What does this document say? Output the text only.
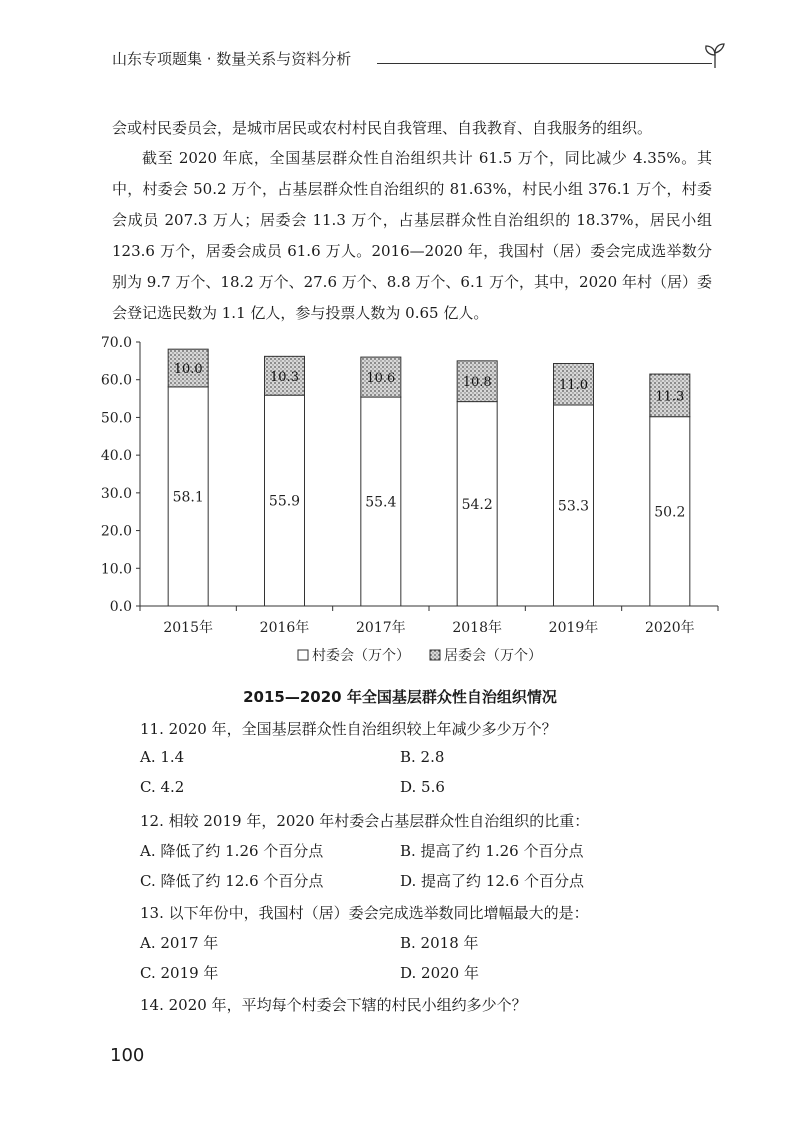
山东专项题集 · 数量关系与资料分析

会或村民委员会，是城市居民或农村村民自我管理、自我教育、自我服务的组织。

截至 2020 年底，全国基层群众性自治组织共计 61.5 万个，同比减少 4.35%。其中，村委会 50.2 万个，占基层群众性自治组织的 81.63%，村民小组 376.1 万个，村委会成员 207.3 万人；居委会 11.3 万个，占基层群众性自治组织的 18.37%，居民小组 123.6 万个，居委会成员 61.6 万人。2016—2020 年，我国村（居）委会完成选举数分别为 9.7 万个、18.2 万个、27.6 万个、8.8 万个、6.1 万个，其中，2020 年村（居）委会登记选民数为 1.1 亿人，参与投票人数为 0.65 亿人。

0.0
10.0
20.0
30.0
40.0
50.0
60.0
70.0
58.1
10.0
2015年
55.9
10.3
2016年
55.4
10.6
2017年
54.2
10.8
2018年
53.3
11.0
2019年
50.2
11.3
2020年
村委会（万个） 居委会（万个）
2015—2020 年全国基层群众性自治组织情况
11. 2020 年，全国基层群众性自治组织较上年减少多少万个？
A. 1.4	B. 2.8
C. 4.2	D. 5.6
12. 相较 2019 年，2020 年村委会占基层群众性自治组织的比重：
A. 降低了约 1.26 个百分点	B. 提高了约 1.26 个百分点
C. 降低了约 12.6 个百分点	D. 提高了约 12.6 个百分点
13. 以下年份中，我国村（居）委会完成选举数同比增幅最大的是：
A. 2017 年	B. 2018 年
C. 2019 年	D. 2020 年
14. 2020 年，平均每个村委会下辖的村民小组约多少个？
100
